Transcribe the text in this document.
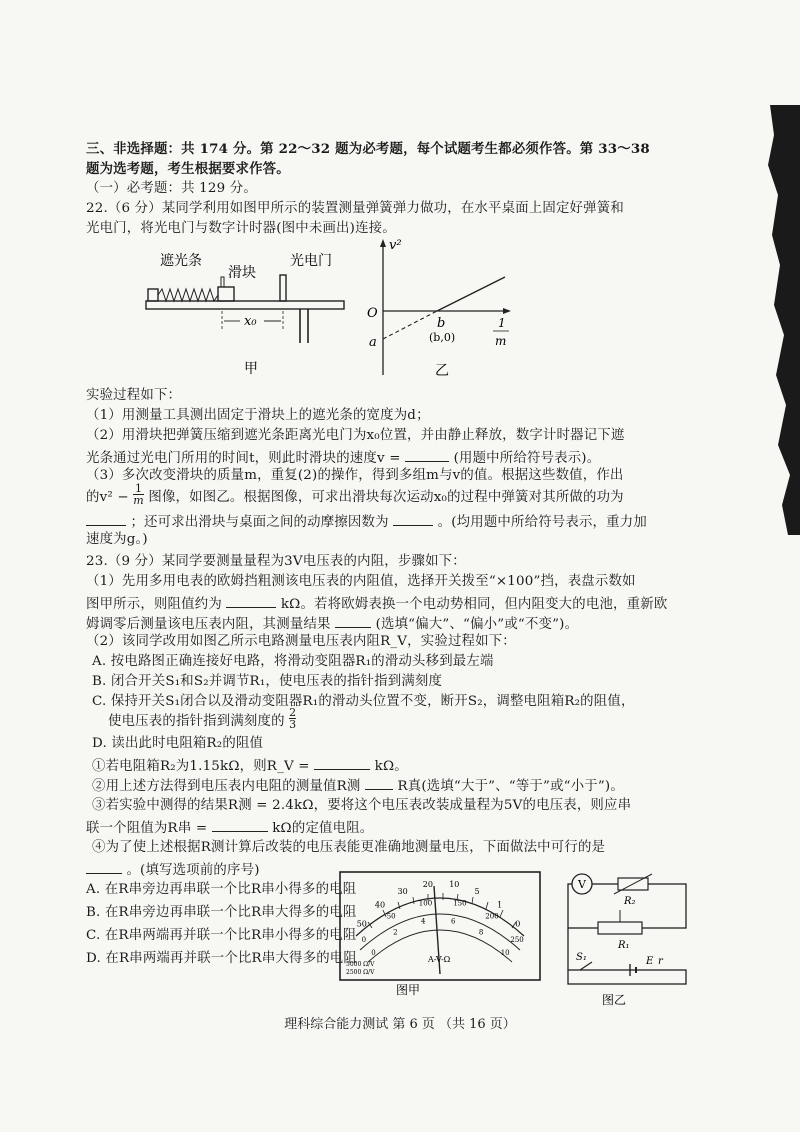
三、非选择题：共 174 分。第 22～32 题为必考题，每个试题考生都必须作答。第 33～38
题为选考题，考生根据要求作答。
（一）必考题：共 129 分。
22.（6 分）某同学利用如图甲所示的装置测量弹簧弹力做功，在水平桌面上固定好弹簧和
光电门，将光电门与数字计时器(图中未画出)连接。
遮光条
滑块
光电门
x₀
甲
v²
O
a
b
(b,0)
1
m
乙
实验过程如下：
（1）用测量工具测出固定于滑块上的遮光条的宽度为d；
（2）用滑块把弹簧压缩到遮光条距离光电门为x₀位置，并由静止释放，数字计时器记下遮
光条通过光电门所用的时间t，则此时滑块的速度v =	(用题中所给符号表示)。
（3）多次改变滑块的质量m，重复(2)的操作，得到多组m与v的值。根据这些数值，作出
的$v^2 - \frac{1}{m}$ 图像，如图乙。根据图像，可求出滑块每次运动x₀的过程中弹簧对其所做的功为
；还可求出滑块与桌面之间的动摩擦因数为	。(均用题中所给符号表示，重力加
速度为g。)
23.（9 分）某同学要测量量程为3V电压表的内阻，步骤如下：
（1）先用多用电表的欧姆挡粗测该电压表的内阻值，选择开关拨至“×100”挡，表盘示数如
图甲所示，则阻值约为	kΩ。若将欧姆表换一个电动势相同，但内阻变大的电池，重新欧
姆调零后测量该电压表内阻，其测量结果	(选填“偏大”、“偏小”或“不变”)。
（2）该同学改用如图乙所示电路测量电压表内阻R_V，实验过程如下：
A. 按电路图正确连接好电路，将滑动变阻器R₁的滑动头移到最左端
B. 闭合开关S₁和S₂并调节R₁，使电压表的指针指到满刻度
C. 保持开关S₁闭合以及滑动变阻器R₁的滑动头位置不变，断开S₂，调整电阻箱R₂的阻值，
使电压表的指针指到满刻度的 $\frac{2}{3}$
D. 读出此时电阻箱R₂的阻值
①若电阻箱R₂为1.15kΩ，则R_V =	kΩ。
②用上述方法得到电压表内电阻的测量值R测	R真(选填“大于”、“等于”或“小于”)。
③若实验中测得的结果R测 = 2.4kΩ，要将这个电压表改装成量程为5V的电压表，则应串
联一个阻值为R串 =	kΩ的定值电阻。
④为了使上述根据R测计算后改装的电压表能更准确地测量电压，下面做法中可行的是
。(填写选项前的序号)
A. 在R串旁边再串联一个比R串小得多的电阻
B. 在R串旁边再串联一个比R串大得多的电阻
C. 在R串两端再并联一个比R串小得多的电阻
D. 在R串两端再并联一个比R串大得多的电阻
50
40
30
20 10
5
1
0
0
50
100	150
200
250
0
2
4	6
8
10
A-V-Ω
5000 Ω/V
2500 Ω/V
图甲
V
R₂
R₁
S₁	E r
图乙
理科综合能力测试 第 6 页 （共 16 页）
